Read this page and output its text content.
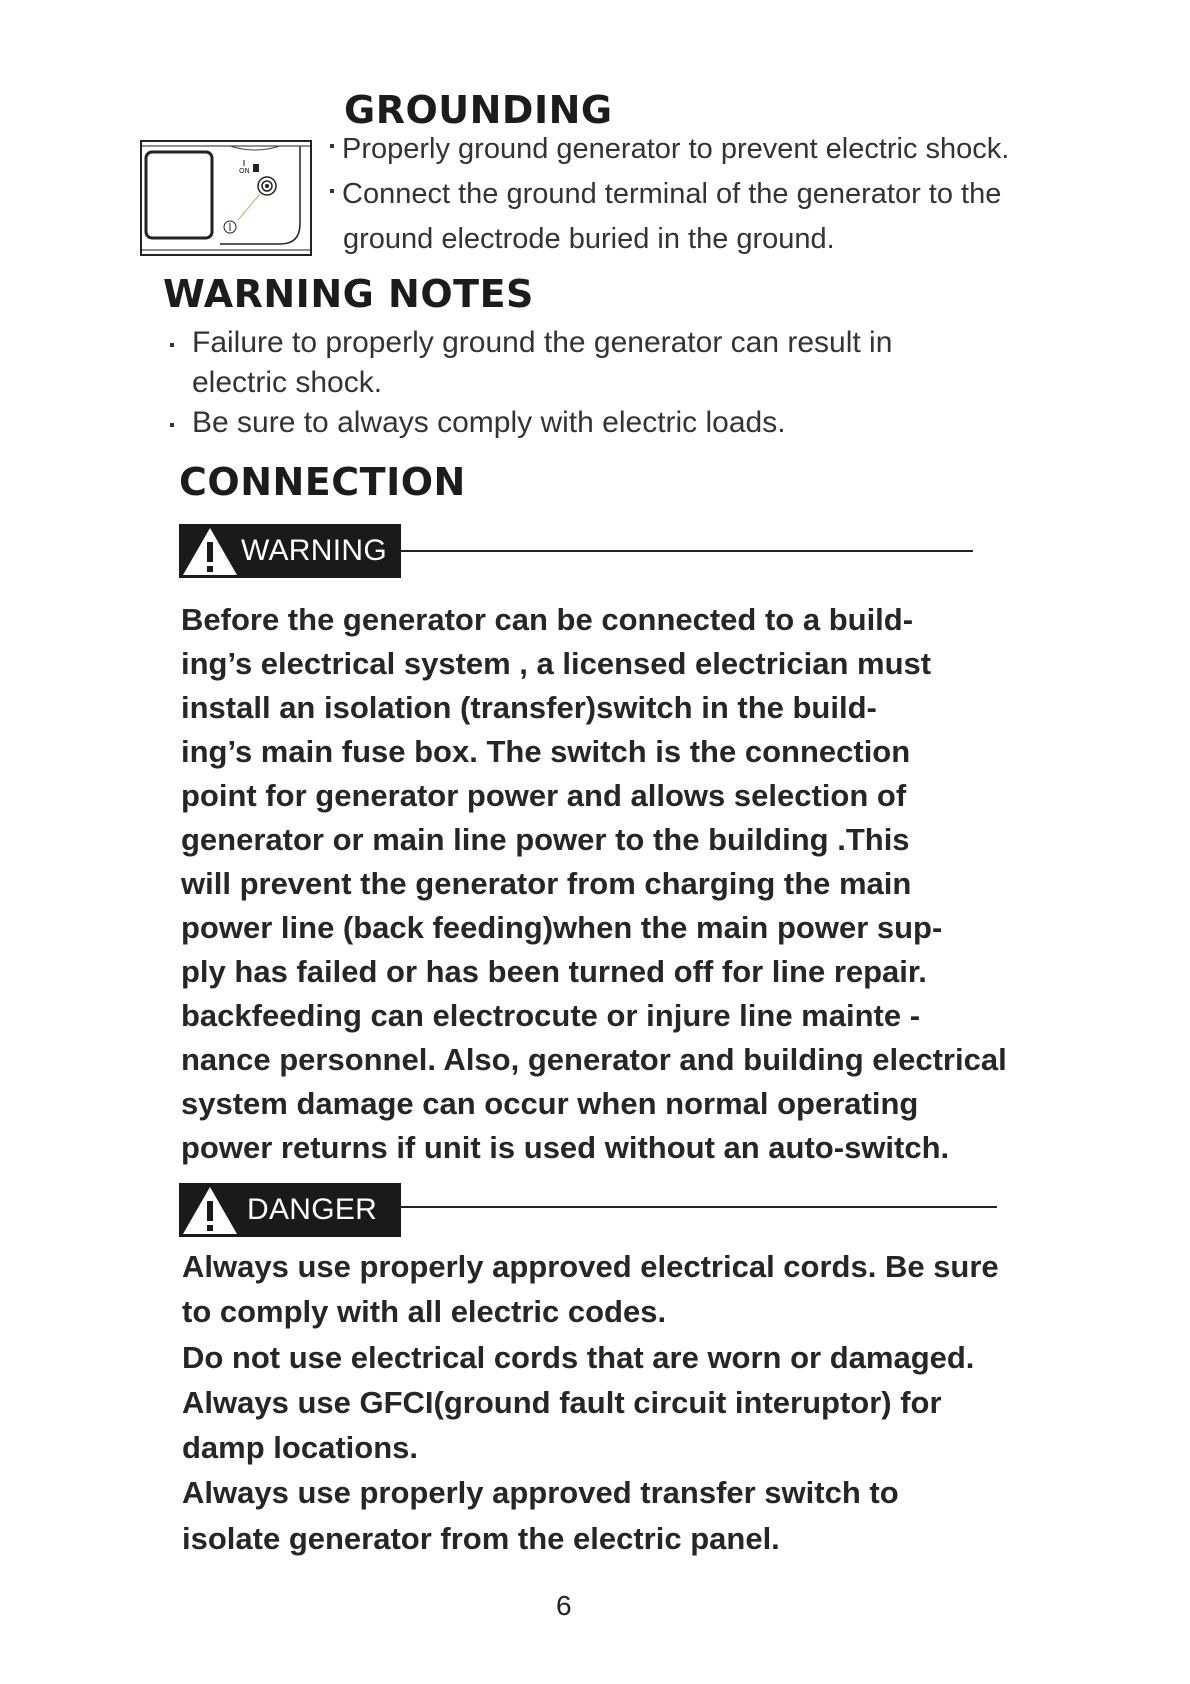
GROUNDING
ON
Properly ground generator to prevent electric shock.
Connect the ground terminal of the generator to the
ground electrode buried in the ground.
WARNING NOTES
Failure to properly ground the generator can result in
electric shock.
Be sure to always comply with electric loads.
CONNECTION
WARNING
Before the generator can be connected to a build-
ing’s electrical system , a licensed electrician must
install an isolation (transfer)switch in the build-
ing’s main fuse box. The switch is the connection
point for generator power and allows selection of
generator or main line power to the building .This
will prevent the generator from charging the main
power line (back feeding)when the main power sup-
ply has failed or has been turned off for line repair.
backfeeding can electrocute or injure line mainte -
nance personnel. Also, generator and building electrical
system damage can occur when normal operating
power returns if unit is used without an auto-switch.
DANGER
Always use properly approved electrical cords. Be sure
to comply with all electric codes.
Do not use electrical cords that are worn or damaged.
Always use GFCI(ground fault circuit interuptor) for
damp locations.
Always use properly approved transfer switch to
isolate generator from the electric panel.
6
